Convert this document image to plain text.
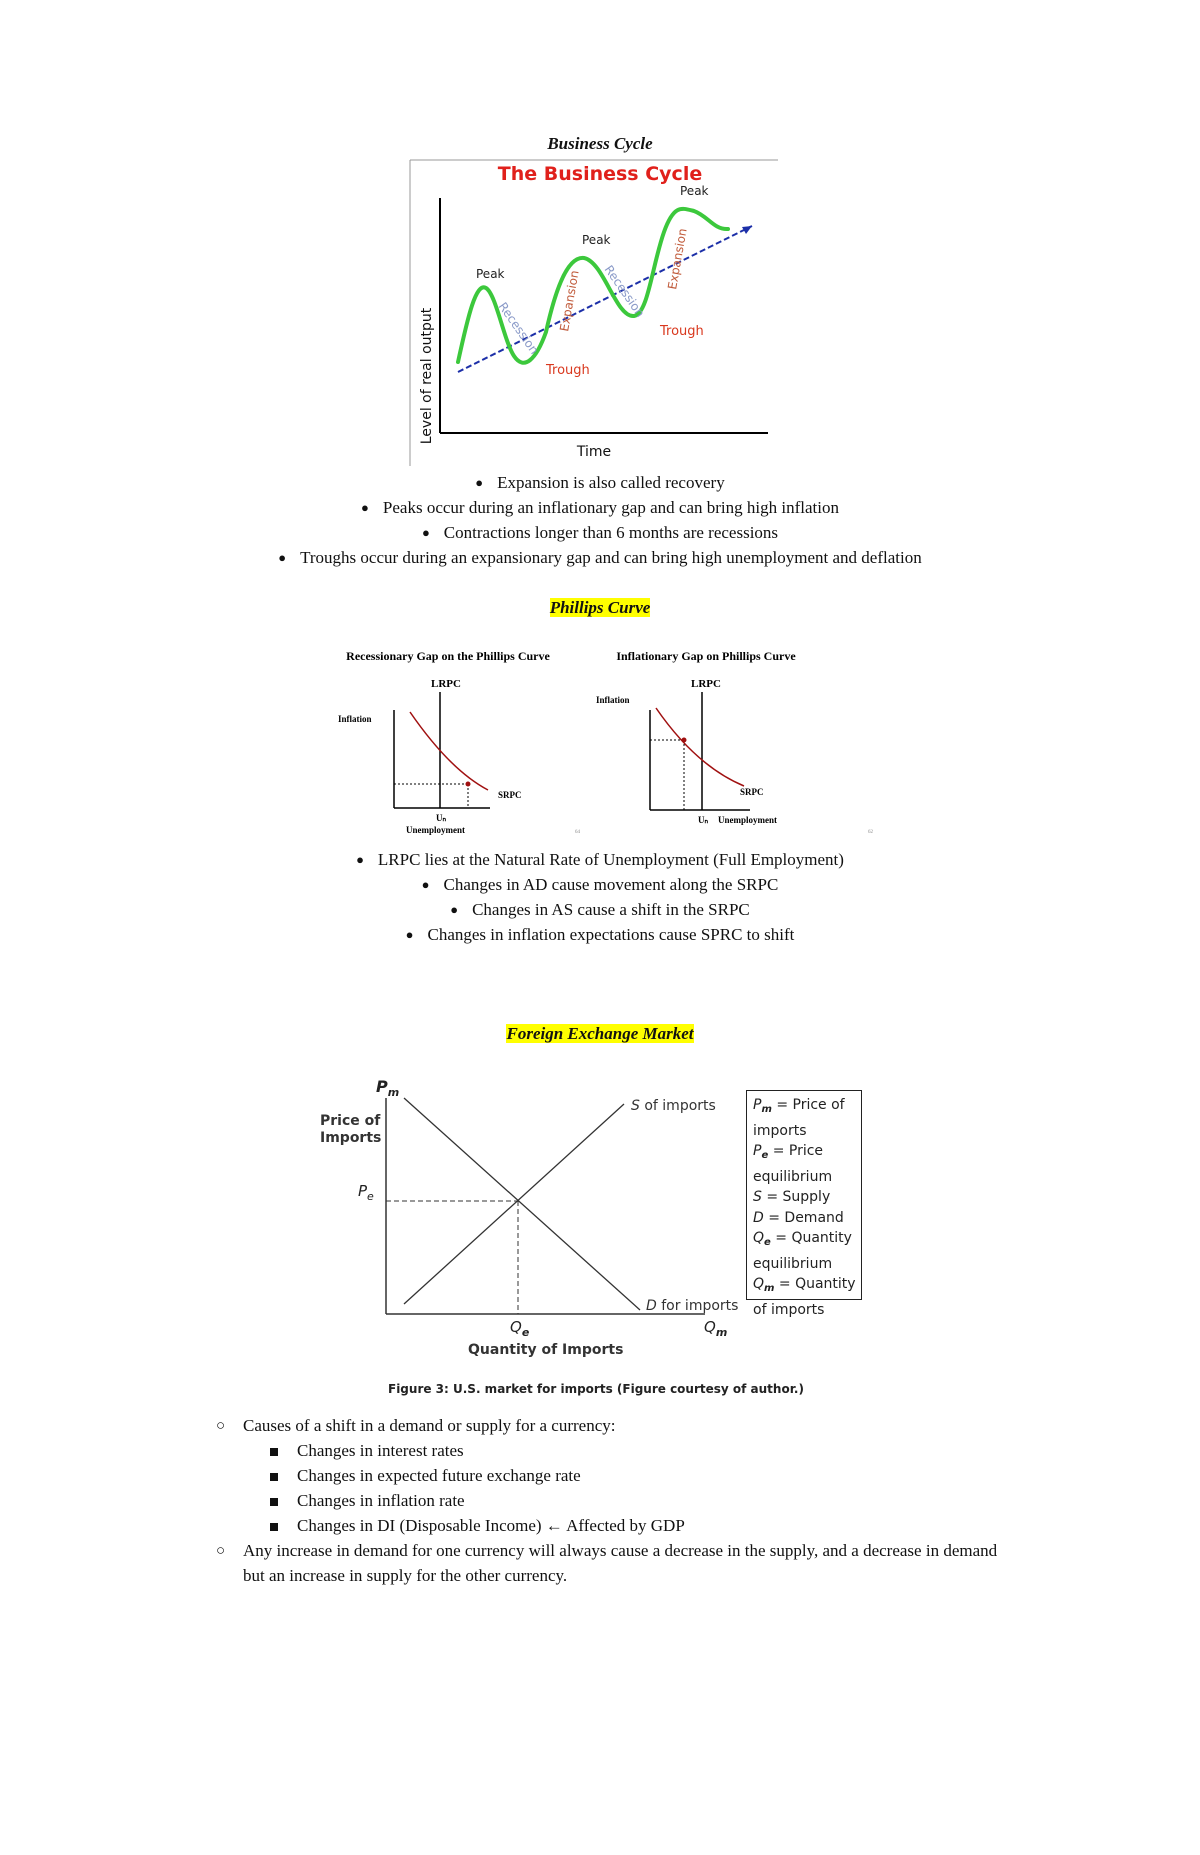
Business Cycle
The Business Cycle
Level of real output
Time
Peak
Peak
Peak
Trough
Trough
Recession
Recession
Expansion
Expansion
● Expansion is also called recovery
● Peaks occur during an inflationary gap and can bring high inflation
● Contractions longer than 6 months are recessions
● Troughs occur during an expansionary gap and can bring high unemployment and deflation
Phillips Curve
Recessionary Gap on the Phillips Curve
LRPC
Inflation
SRPC
Uₙ
Unemployment	64
Inflationary Gap on Phillips Curve
LRPC
Inflation
SRPC
Uₙ Unemployment
62
● LRPC lies at the Natural Rate of Unemployment (Full Employment)
● Changes in AD cause movement along the SRPC
● Changes in AS cause a shift in the SRPC
● Changes in inflation expectations cause SPRC to shift
Foreign Exchange Market
$P_m$
Price of
Imports
$P_e$
S of imports
D for imports
$Q_e$	$Q_m$
Quantity of Imports
$P_m$ = Price of
imports
$P_e$ = Price
equilibrium
S = Supply
D = Demand
$Q_e$ = Quantity
equilibrium
$Q_m$ = Quantity
of imports
Figure 3: U.S. market for imports (Figure courtesy of author.)
○ Causes of a shift in a demand or supply for a currency:
Changes in interest rates
Changes in expected future exchange rate
Changes in inflation rate
Changes in DI (Disposable Income) ← Affected by GDP
○ Any increase in demand for one currency will always cause a decrease in the supply, and a decrease in demand
but an increase in supply for the other currency.
